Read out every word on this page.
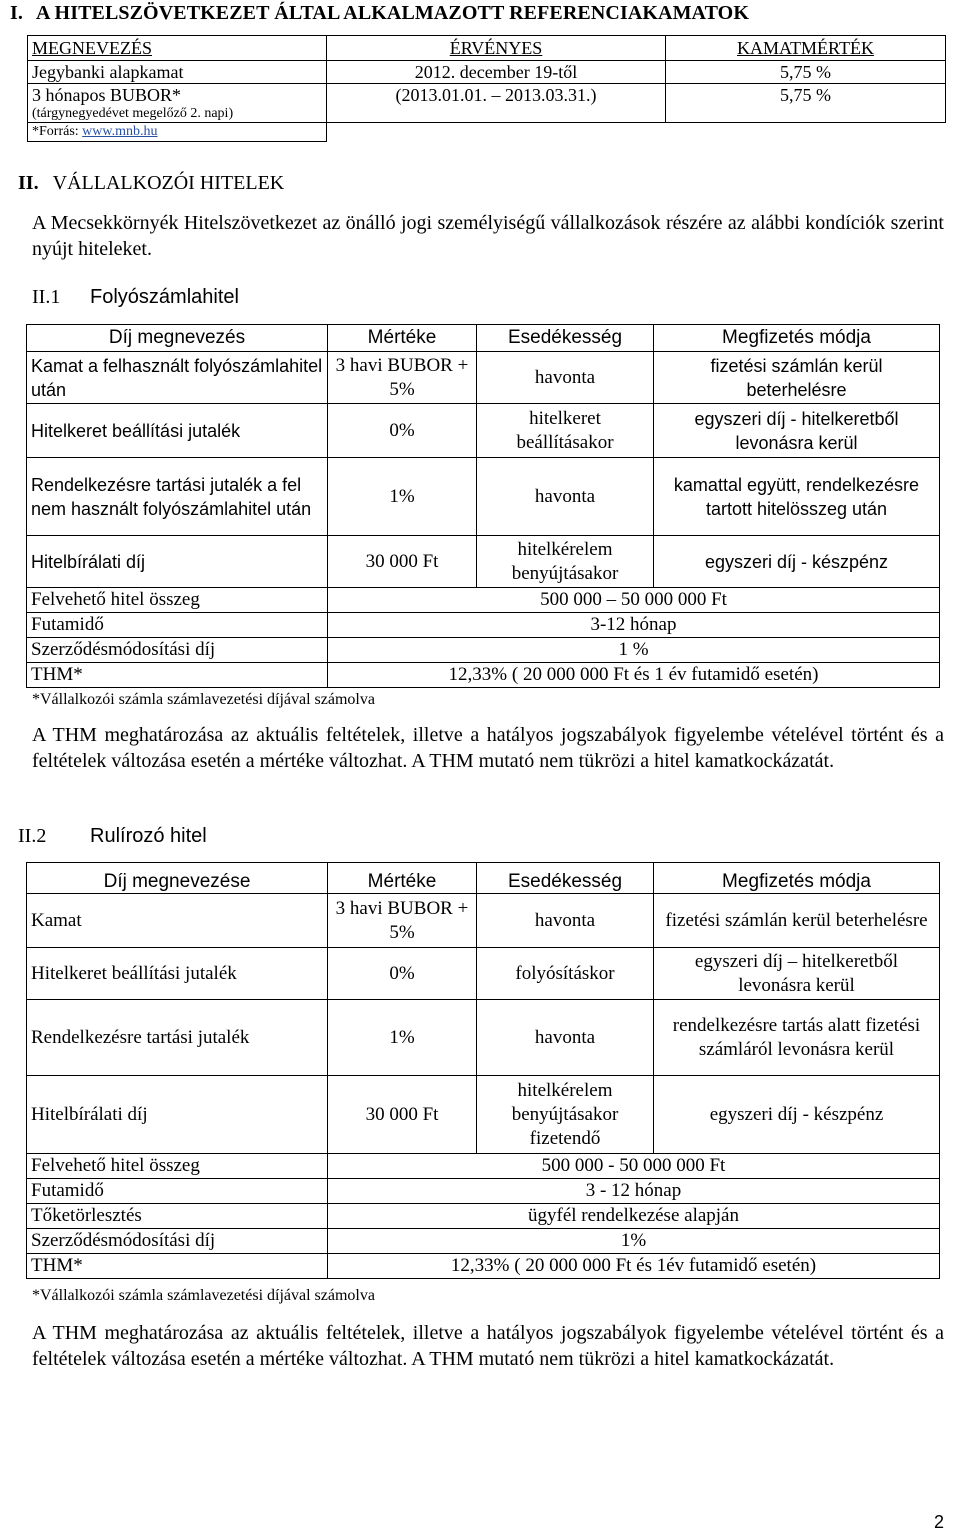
I. A HITELSZÖVETKEZET ÁLTAL ALKALMAZOTT REFERENCIAKAMATOK
MEGNEVEZÉS	ÉRVÉNYES	KAMATMÉRTÉK
Jegybanki alapkamat	2012. december 19-től	5,75 %

3 hónapos BUBOR*
(tárgynegyedévet megelőző 2. napi)	(2013.01.01. – 2013.03.31.)	5,75 %
*Forrás: www.mnb.hu		
II. VÁLLALKOZÓI HITELEK
A Mecsekkörnyék Hitelszövetkezet az önálló jogi személyiségű vállalkozások részére az alábbi kondíciók szerint nyújt hiteleket.
II.1 Folyószámlahitel
Díj megnevezés	Mértéke	Esedékesség	Megfizetés módja
Kamat a felhasznált folyószámlahitel után	3 havi BUBOR + 5%	havonta	fizetési számlán kerül beterhelésre
Hitelkeret beállítási jutalék	0%	hitelkeret beállításakor	egyszeri díj - hitelkeretből levonásra kerül
Rendelkezésre tartási jutalék a fel nem használt folyószámlahitel után	1%	havonta	kamattal együtt, rendelkezésre tartott hitelösszeg után
Hitelbírálati díj	30 000 Ft	hitelkérelem benyújtásakor	egyszeri díj - készpénz
Felvehető hitel összeg	500 000 – 50 000 000 Ft		
Futamidő	3-12 hónap		
Szerződésmódosítási díj	1 %		
THM*	12,33% ( 20 000 000 Ft és 1 év futamidő esetén)		
*Vállalkozói számla számlavezetési díjával számolva
A THM meghatározása az aktuális feltételek, illetve a hatályos jogszabályok figyelembe vételével történt és a feltételek változása esetén a mértéke változhat. A THM mutató nem tükrözi a hitel kamatkockázatát.
II.2 Rulírozó hitel
Díj megnevezése	Mértéke	Esedékesség	Megfizetés módja
Kamat	3 havi BUBOR + 5%	havonta	fizetési számlán kerül beterhelésre
Hitelkeret beállítási jutalék	0%	folyósításkor	egyszeri díj – hitelkeretből levonásra kerül
Rendelkezésre tartási jutalék	1%	havonta	rendelkezésre tartás alatt fizetési számláról levonásra kerül
Hitelbírálati díj	30 000 Ft	hitelkérelem benyújtásakor fizetendő	egyszeri díj - készpénz
Felvehető hitel összeg	500 000 - 50 000 000 Ft		
Futamidő	3 - 12 hónap		
Tőketörlesztés	ügyfél rendelkezése alapján		
Szerződésmódosítási díj	1%		
THM*	12,33% ( 20 000 000 Ft és 1év futamidő esetén)		
*Vállalkozói számla számlavezetési díjával számolva
A THM meghatározása az aktuális feltételek, illetve a hatályos jogszabályok figyelembe vételével történt és a feltételek változása esetén a mértéke változhat. A THM mutató nem tükrözi a hitel kamatkockázatát.
2
